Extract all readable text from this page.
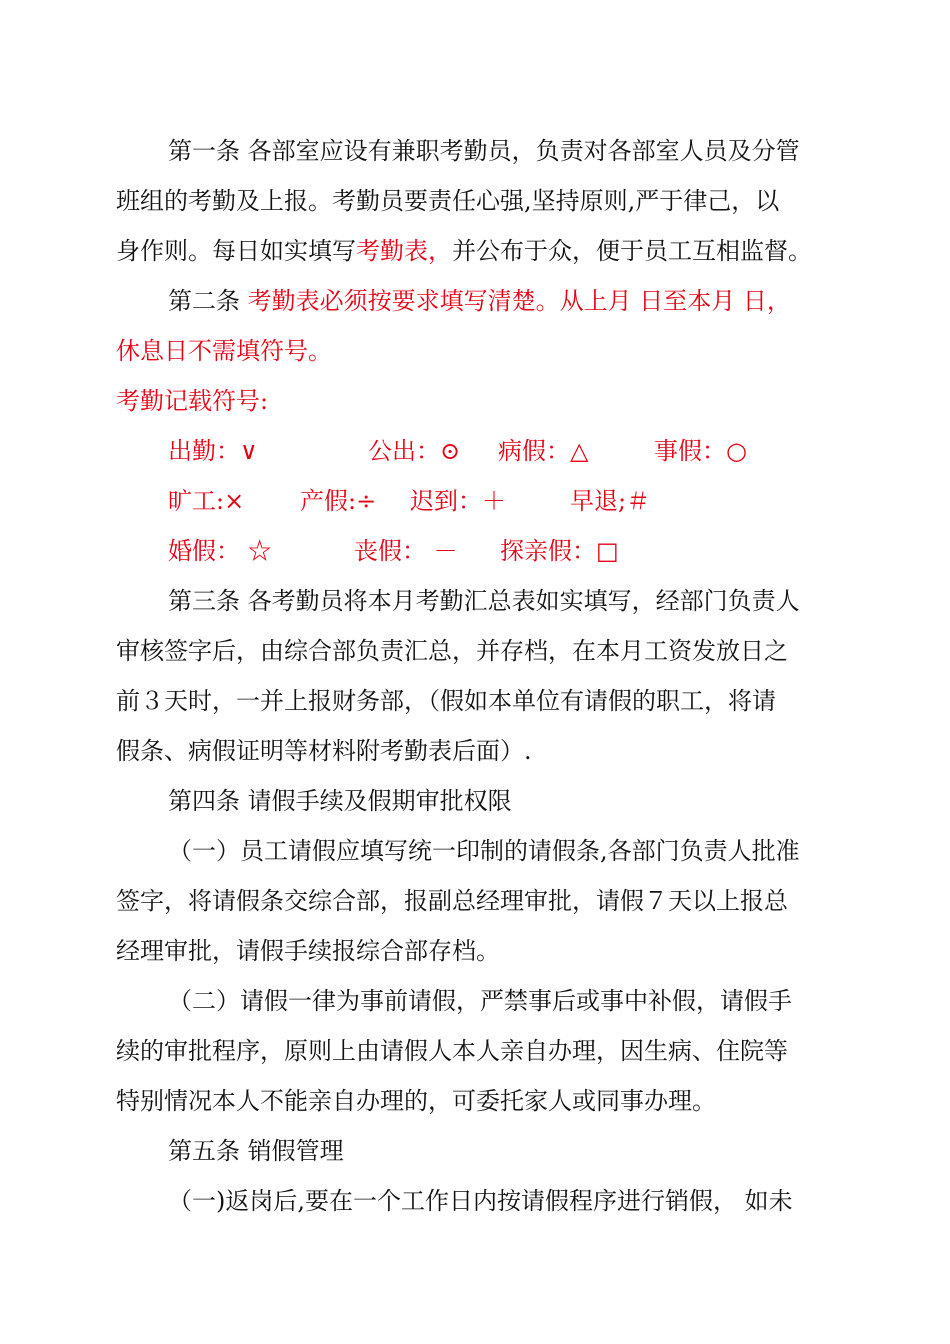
第一条 各部室应设有兼职考勤员，负责对各部室人员及分管
班组的考勤及上报。考勤员要责任心强,坚持原则,严于律己，以
身作则。每日如实填写考勤表，并公布于众，便于员工互相监督。
第二条 考勤表必须按要求填写清楚。从上月 日至本月 日，
休息日不需填符号。
考勤记载符号:
出勤：∨	公出：⊙ 病假：△	事假：○
旷工:× 产假:÷ 迟到：＋	早退;＃
婚假： ☆	丧假： － 探亲假：□
第三条 各考勤员将本月考勤汇总表如实填写，经部门负责人
审核签字后，由综合部负责汇总，并存档，在本月工资发放日之
前３天时，一并上报财务部，（假如本单位有请假的职工，将请
假条、病假证明等材料附考勤表后面）.
第四条 请假手续及假期审批权限
（一）员工请假应填写统一印制的请假条,各部门负责人批准
签字，将请假条交综合部，报副总经理审批，请假７天以上报总
经理审批，请假手续报综合部存档。
（二）请假一律为事前请假，严禁事后或事中补假，请假手
续的审批程序，原则上由请假人本人亲自办理，因生病、住院等
特别情况本人不能亲自办理的，可委托家人或同事办理。
第五条 销假管理
（一)返岗后,要在一个工作日内按请假程序进行销假， 如未
